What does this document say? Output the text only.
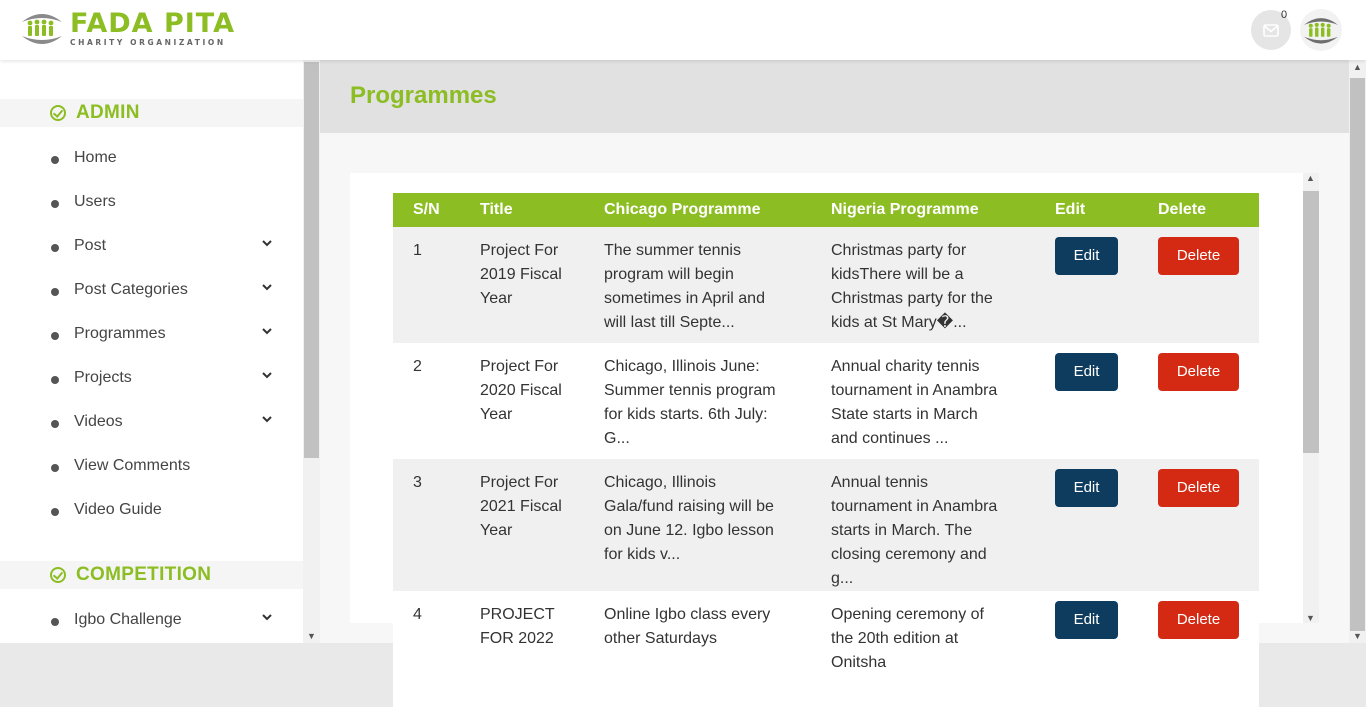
FADA
PITA
CHARITY ORGANIZATION
0
ADMIN
Home
Users
Post
Post Categories
Programmes
Projects
Videos
View Comments
Video Guide
COMPETITION
Igbo Challenge
▼
Programmes
S/N	Title	Chicago Programme	Nigeria Programme	Edit	Delete
1	Project For 2019 Fiscal Year	The summer tennis program will begin sometimes in April and will last till Septe...	Christmas party for kidsThere will be a Christmas party for the kids at St Mary�...	Edit	Delete
2	Project For 2020 Fiscal Year	Chicago, Illinois June: Summer tennis program for kids starts. 6th July: G...	Annual charity tennis tournament in Anambra State starts in March and continues ...	Edit	Delete
3	Project For 2021 Fiscal Year	Chicago, Illinois Gala/fund raising will be on June 12. Igbo lesson for kids v...	Annual tennis tournament in Anambra starts in March. The closing ceremony and g...	Edit	Delete
4	PROJECT FOR 2022	Online Igbo class every other Saturdays	Opening ceremony of the 20th edition at Onitsha	Edit	Delete
▲
▼
▲
▼
